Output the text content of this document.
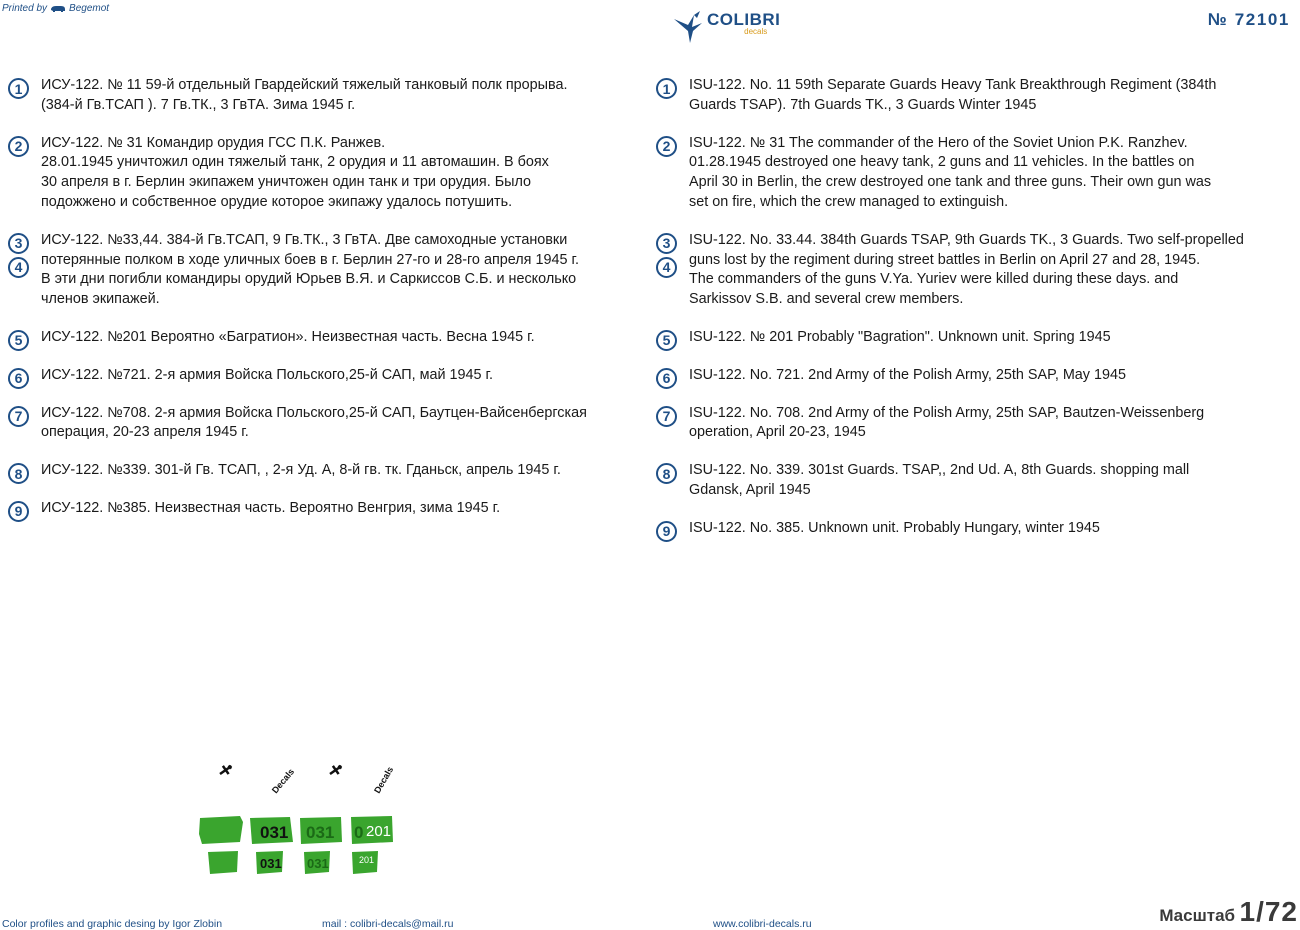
Printed by Begemot
COLIBRI
decals
№ 72101
1	ИСУ-122. № 11 59-й отдельный Гвардейский тяжелый танковый полк прорыва.
(384-й Гв.ТСАП ). 7 Гв.ТК., 3 ГвТА. Зима 1945 г.
2	ИСУ-122. № 31 Командир орудия ГСС П.К. Ранжев.
28.01.1945 уничтожил один тяжелый танк, 2 орудия и 11 автомашин. В боях
30 апреля в г. Берлин экипажем уничтожен один танк и три орудия. Было
подожжено и собственное орудие которое экипажу удалось потушить.
3
4
ИСУ-122. №33,44. 384-й Гв.ТСАП, 9 Гв.ТК., 3 ГвТА. Две самоходные установки
потерянные полком в ходе уличных боев в г. Берлин 27-го и 28-го апреля 1945 г.
В эти дни погибли командиры орудий Юрьев В.Я. и Саркиссов С.Б. и несколько
членов экипажей.
5	ИСУ-122. №201 Вероятно «Багратион». Неизвестная часть. Весна 1945 г.
6	ИСУ-122. №721. 2-я армия Войска Польского,25-й САП, май 1945 г.
7	ИСУ-122. №708. 2-я армия Войска Польского,25-й САП, Баутцен-Вайсенбергская
операция, 20-23 апреля 1945 г.
8	ИСУ-122. №339. 301-й Гв. ТСАП, , 2-я Уд. А, 8-й гв. тк. Гданьск, апрель 1945 г.
9	ИСУ-122. №385. Неизвестная часть. Вероятно Венгрия, зима 1945 г.
1	ISU-122. No. 11 59th Separate Guards Heavy Tank Breakthrough Regiment (384th
Guards TSAP). 7th Guards TK., 3 Guards Winter 1945
2	ISU-122. № 31 The commander of the Hero of the Soviet Union P.K. Ranzhev.
01.28.1945 destroyed one heavy tank, 2 guns and 11 vehicles. In the battles on
April 30 in Berlin, the crew destroyed one tank and three guns. Their own gun was
set on fire, which the crew managed to extinguish.
3
4
ISU-122. No. 33.44. 384th Guards TSAP, 9th Guards TK., 3 Guards. Two self-propelled
guns lost by the regiment during street battles in Berlin on April 27 and 28, 1945.
The commanders of the guns V.Ya. Yuriev were killed during these days. and
Sarkissov S.B. and several crew members.
5	ISU-122. № 201 Probably "Bagration". Unknown unit. Spring 1945
6	ISU-122. No. 721. 2nd Army of the Polish Army, 25th SAP, May 1945
7	ISU-122. No. 708. 2nd Army of the Polish Army, 25th SAP, Bautzen-Weissenberg
operation, April 20-23, 1945
8	ISU-122. No. 339. 301st Guards. TSAP,, 2nd Ud. A, 8th Guards. shopping mall
Gdansk, April 1945
9	ISU-122. No. 385. Unknown unit. Probably Hungary, winter 1945
Decals	Decals
031 031 0 201
031 031	201
Color profiles and graphic desing by Igor Zlobin	mail : colibri-decals@mail.ru	www.colibri-decals.ru	Масштаб 1/72
